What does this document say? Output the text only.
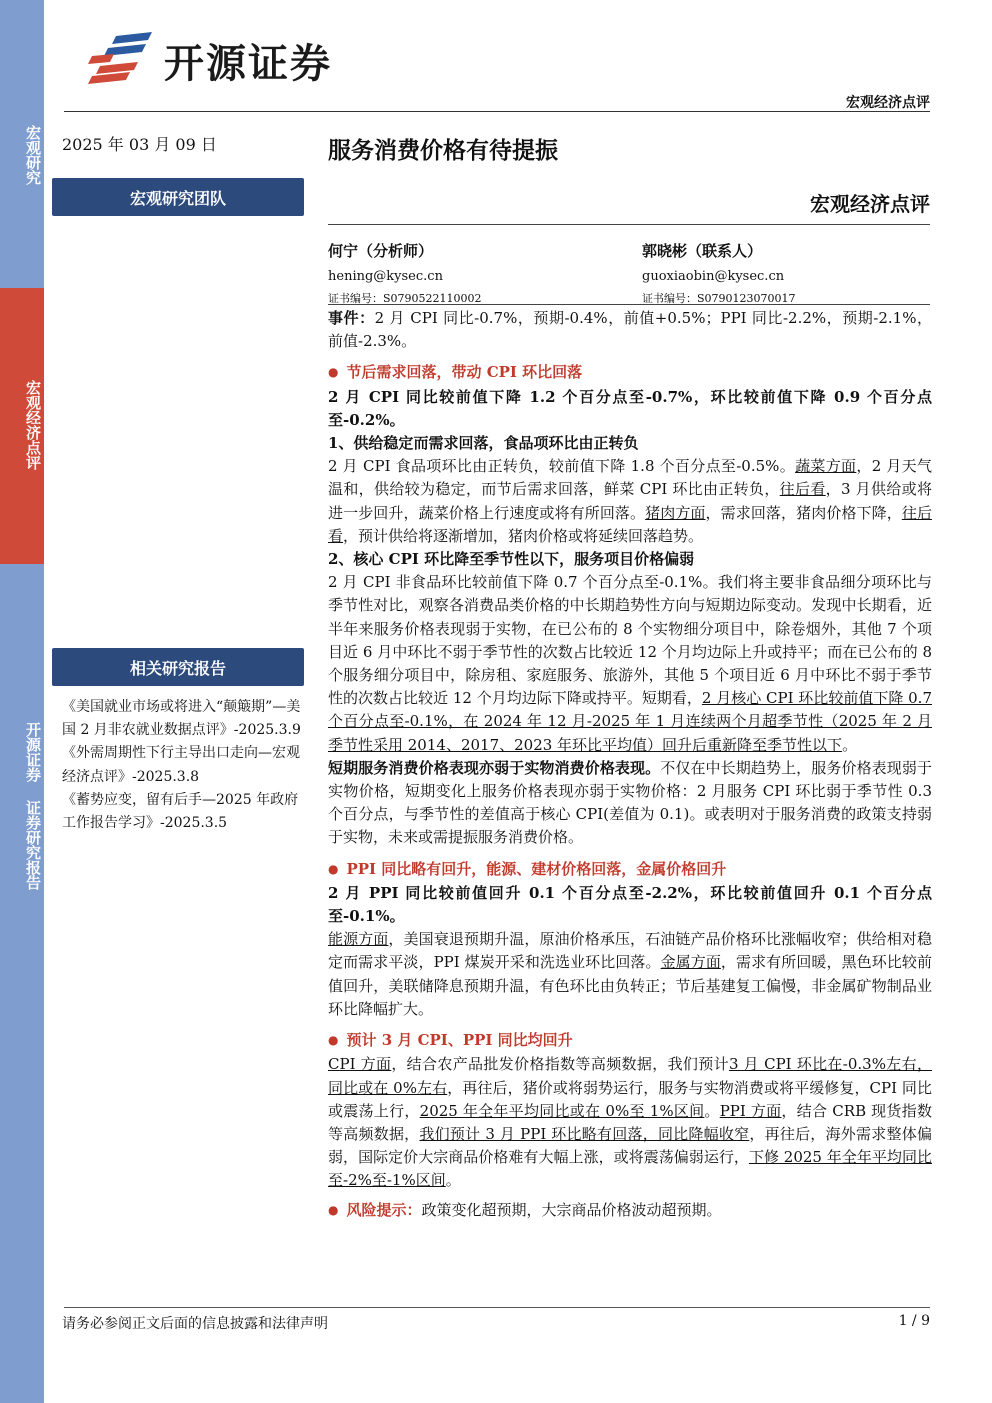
宏观研究
宏观经济点评
开源证券 证券研究报告
开源证券
宏观经济点评
2025 年 03 月 09 日	服务消费价格有待提振
宏观研究团队	宏观经济点评
何宁（分析师）
hening@kysec.cn
证书编号：S0790522110002
郭晓彬（联系人）
guoxiaobin@kysec.cn
证书编号：S0790123070017
相关研究报告
《美国就业市场或将进入“颠簸期”—美国 2 月非农就业数据点评》-2025.3.9
《外需周期性下行主导出口走向—宏观经济点评》-2025.3.8
《蓄势应变，留有后手—2025 年政府工作报告学习》-2025.3.5

事件：2 月 CPI 同比-0.7%，预期-0.4%，前值+0.5%；PPI 同比-2.2%，预期-2.1%，前值-2.3%。

● 节后需求回落，带动 CPI 环比回落

2 月 CPI 同比较前值下降 1.2 个百分点至-0.7%，环比较前值下降 0.9 个百分点至-0.2%。

1、供给稳定而需求回落，食品项环比由正转负

2 月 CPI 食品项环比由正转负，较前值下降 1.8 个百分点至-0.5%。蔬菜方面，2 月天气温和，供给较为稳定，而节后需求回落，鲜菜 CPI 环比由正转负，往后看，3 月供给或将进一步回升，蔬菜价格上行速度或将有所回落。猪肉方面，需求回落，猪肉价格下降，往后看，预计供给将逐渐增加，猪肉价格或将延续回落趋势。

2、核心 CPI 环比降至季节性以下，服务项目价格偏弱

2 月 CPI 非食品环比较前值下降 0.7 个百分点至-0.1%。我们将主要非食品细分项环比与季节性对比，观察各消费品类价格的中长期趋势性方向与短期边际变动。发现中长期看，近半年来服务价格表现弱于实物，在已公布的 8 个实物细分项目中，除卷烟外，其他 7 个项目近 6 月中环比不弱于季节性的次数占比较近 12 个月均边际上升或持平；而在已公布的 8 个服务细分项目中，除房租、家庭服务、旅游外，其他 5 个项目近 6 月中环比不弱于季节性的次数占比较近 12 个月均边际下降或持平。短期看，2 月核心 CPI 环比较前值下降 0.7 个百分点至-0.1%，在 2024 年 12 月-2025 年 1 月连续两个月超季节性（2025 年 2 月季节性采用 2014、2017、2023 年环比平均值）回升后重新降至季节性以下。

短期服务消费价格表现亦弱于实物消费价格表现。不仅在中长期趋势上，服务价格表现弱于实物价格，短期变化上服务价格表现亦弱于实物价格：2 月服务 CPI 环比弱于季节性 0.3 个百分点，与季节性的差值高于核心 CPI(差值为 0.1)。或表明对于服务消费的政策支持弱于实物，未来或需提振服务消费价格。

● PPI 同比略有回升，能源、建材价格回落，金属价格回升

2 月 PPI 同比较前值回升 0.1 个百分点至-2.2%，环比较前值回升 0.1 个百分点至-0.1%。

能源方面，美国衰退预期升温，原油价格承压，石油链产品价格环比涨幅收窄；供给相对稳定而需求平淡，PPI 煤炭开采和洗选业环比回落。金属方面，需求有所回暖，黑色环比较前值回升，美联储降息预期升温，有色环比由负转正；节后基建复工偏慢，非金属矿物制品业环比降幅扩大。

● 预计 3 月 CPI、PPI 同比均回升

CPI 方面，结合农产品批发价格指数等高频数据，我们预计3 月 CPI 环比在-0.3%左右，同比或在 0%左右，再往后，猪价或将弱势运行，服务与实物消费或将平缓修复，CPI 同比或震荡上行，2025 年全年平均同比或在 0%至 1%区间。PPI 方面，结合 CRB 现货指数等高频数据，我们预计 3 月 PPI 环比略有回落，同比降幅收窄，再往后，海外需求整体偏弱，国际定价大宗商品价格难有大幅上涨，或将震荡偏弱运行，下修 2025 年全年平均同比至-2%至-1%区间。

● 风险提示：政策变化超预期，大宗商品价格波动超预期。

请务必参阅正文后面的信息披露和法律声明	1 / 9
